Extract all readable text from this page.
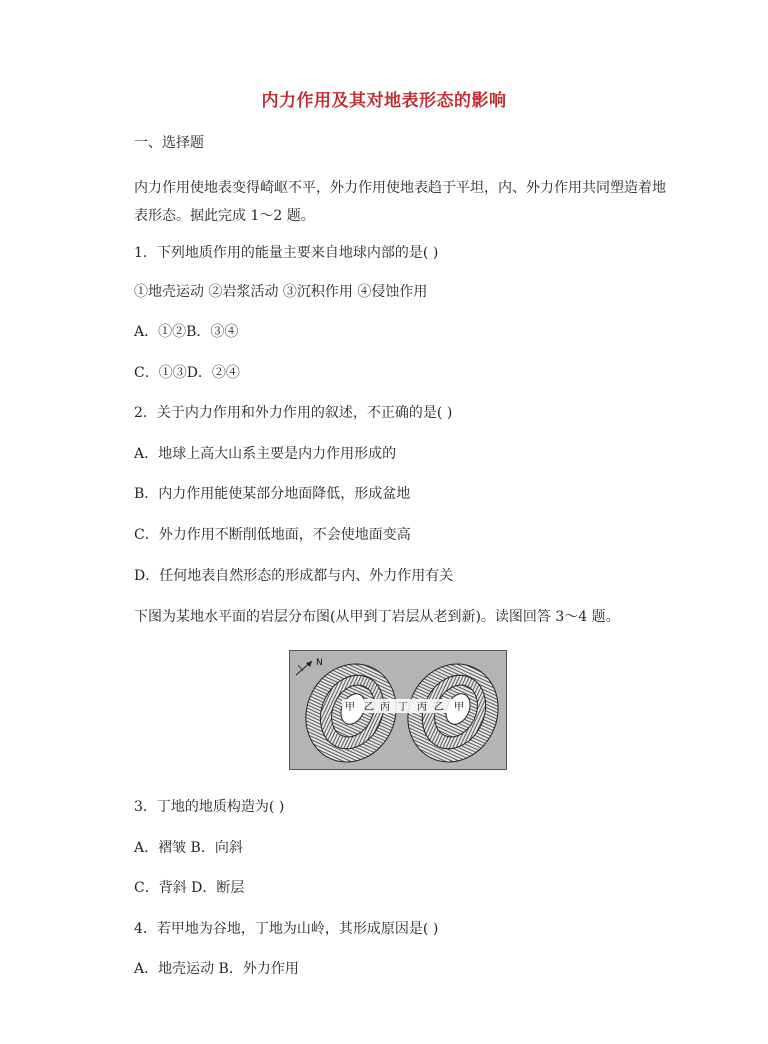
内力作用及其对地表形态的影响
一、选择题
内力作用使地表变得崎岖不平，外力作用使地表趋于平坦，内、外力作用共同塑造着地表形态。据此完成 1～2 题。
1．下列地质作用的能量主要来自地球内部的是( )
①地壳运动 ②岩浆活动 ③沉积作用 ④侵蚀作用
A．①②B．③④
C．①③D．②④
2．关于内力作用和外力作用的叙述，不正确的是( )
A．地球上高大山系主要是内力作用形成的
B．内力作用能使某部分地面降低，形成盆地
C．外力作用不断削低地面，不会使地面变高
D．任何地表自然形态的形成都与内、外力作用有关
下图为某地水平面的岩层分布图(从甲到丁岩层从老到新)。读图回答 3～4 题。
N
甲 乙 丙 丁 丙 乙 甲
3．丁地的地质构造为( )
A．褶皱 B．向斜
C．背斜 D．断层
4．若甲地为谷地，丁地为山岭，其形成原因是( )
A．地壳运动 B．外力作用
